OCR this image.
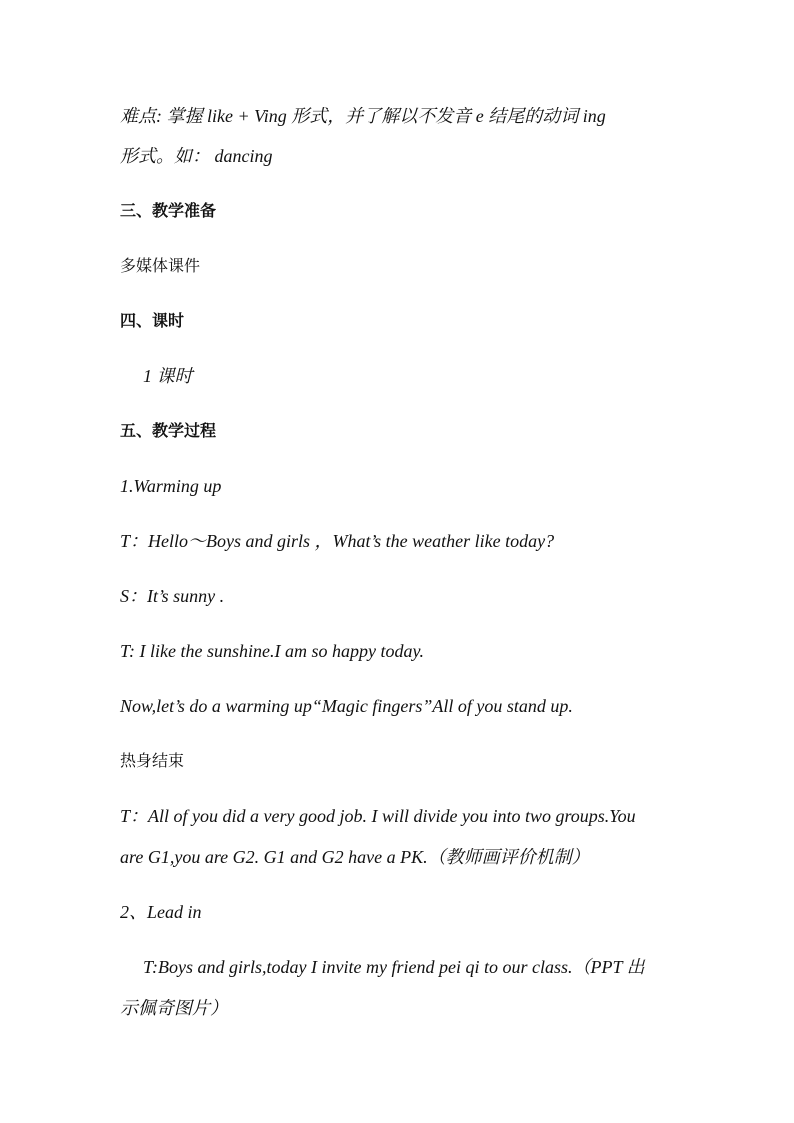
难点: 掌握 like + Ving 形式，并了解以不发音 e 结尾的动词 ing
形式。如： dancing
三、教学准备
多媒体课件
四、课时
1 课时
五、教学过程
1.Warming up
T：Hello～Boys and girls ，What’s the weather like today?
S：It’s sunny .
T: I like the sunshine.I am so happy today.
Now,let’s do a warming up“Magic fingers”All of you stand up.
热身结束
T：All of you did a very good job. I will divide you into two groups.You
are G1,you are G2. G1 and G2 have a PK.（教师画评价机制）
2、Lead in
T:Boys and girls,today I invite my friend pei qi to our class.（PPT 出
示佩奇图片）
